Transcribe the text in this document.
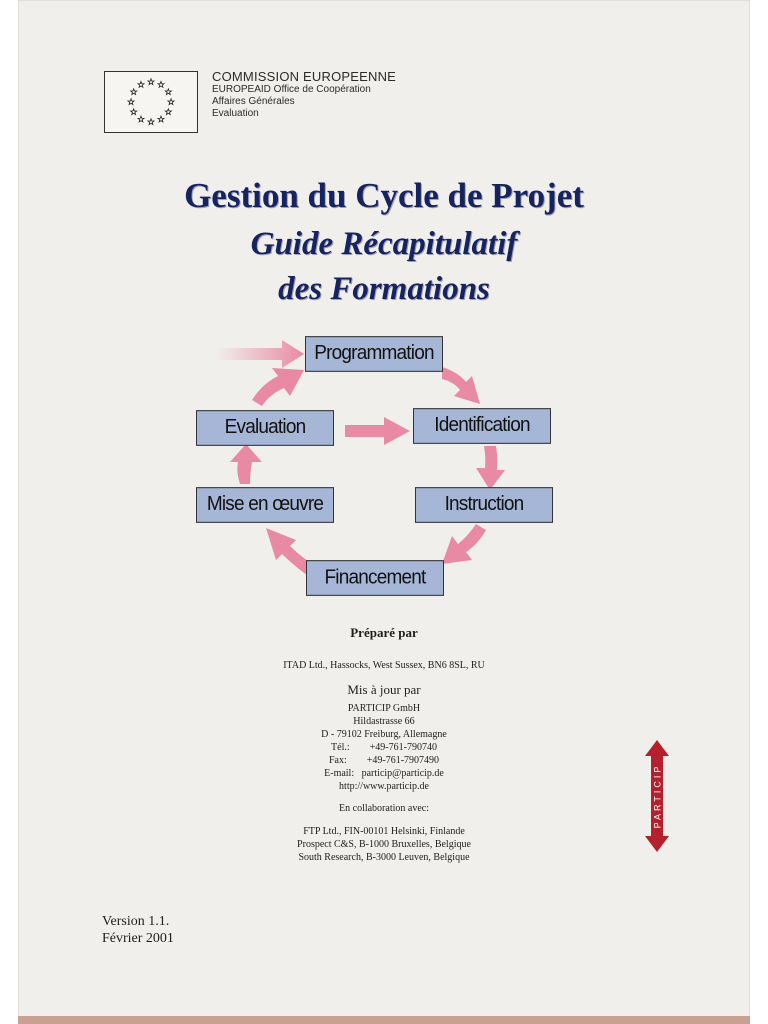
COMMISSION EUROPEENNE
EUROPEAID Office de Coopération
Affaires Générales
Evaluation
Gestion du Cycle de Projet
Guide Récapitulatif
des Formations
Programmation
Identification
Instruction
Financement
Mise en œuvre
Evaluation
Préparé par
ITAD Ltd., Hassocks, West Sussex, BN6 8SL, RU
Mis à jour par
PARTICIP GmbH
Hildastrasse 66
D - 79102 Freiburg, Allemagne
Tél.:        +49-761-790740
Fax:        +49-761-7907490
E-mail:   particip@particip.de
http://www.particip.de
En collaboration avec:
FTP Ltd., FIN-00101 Helsinki, Finlande
Prospect C&S, B-1000 Bruxelles, Belgique
South Research, B-3000 Leuven, Belgique
PARTICIP
Version 1.1.
Février 2001
